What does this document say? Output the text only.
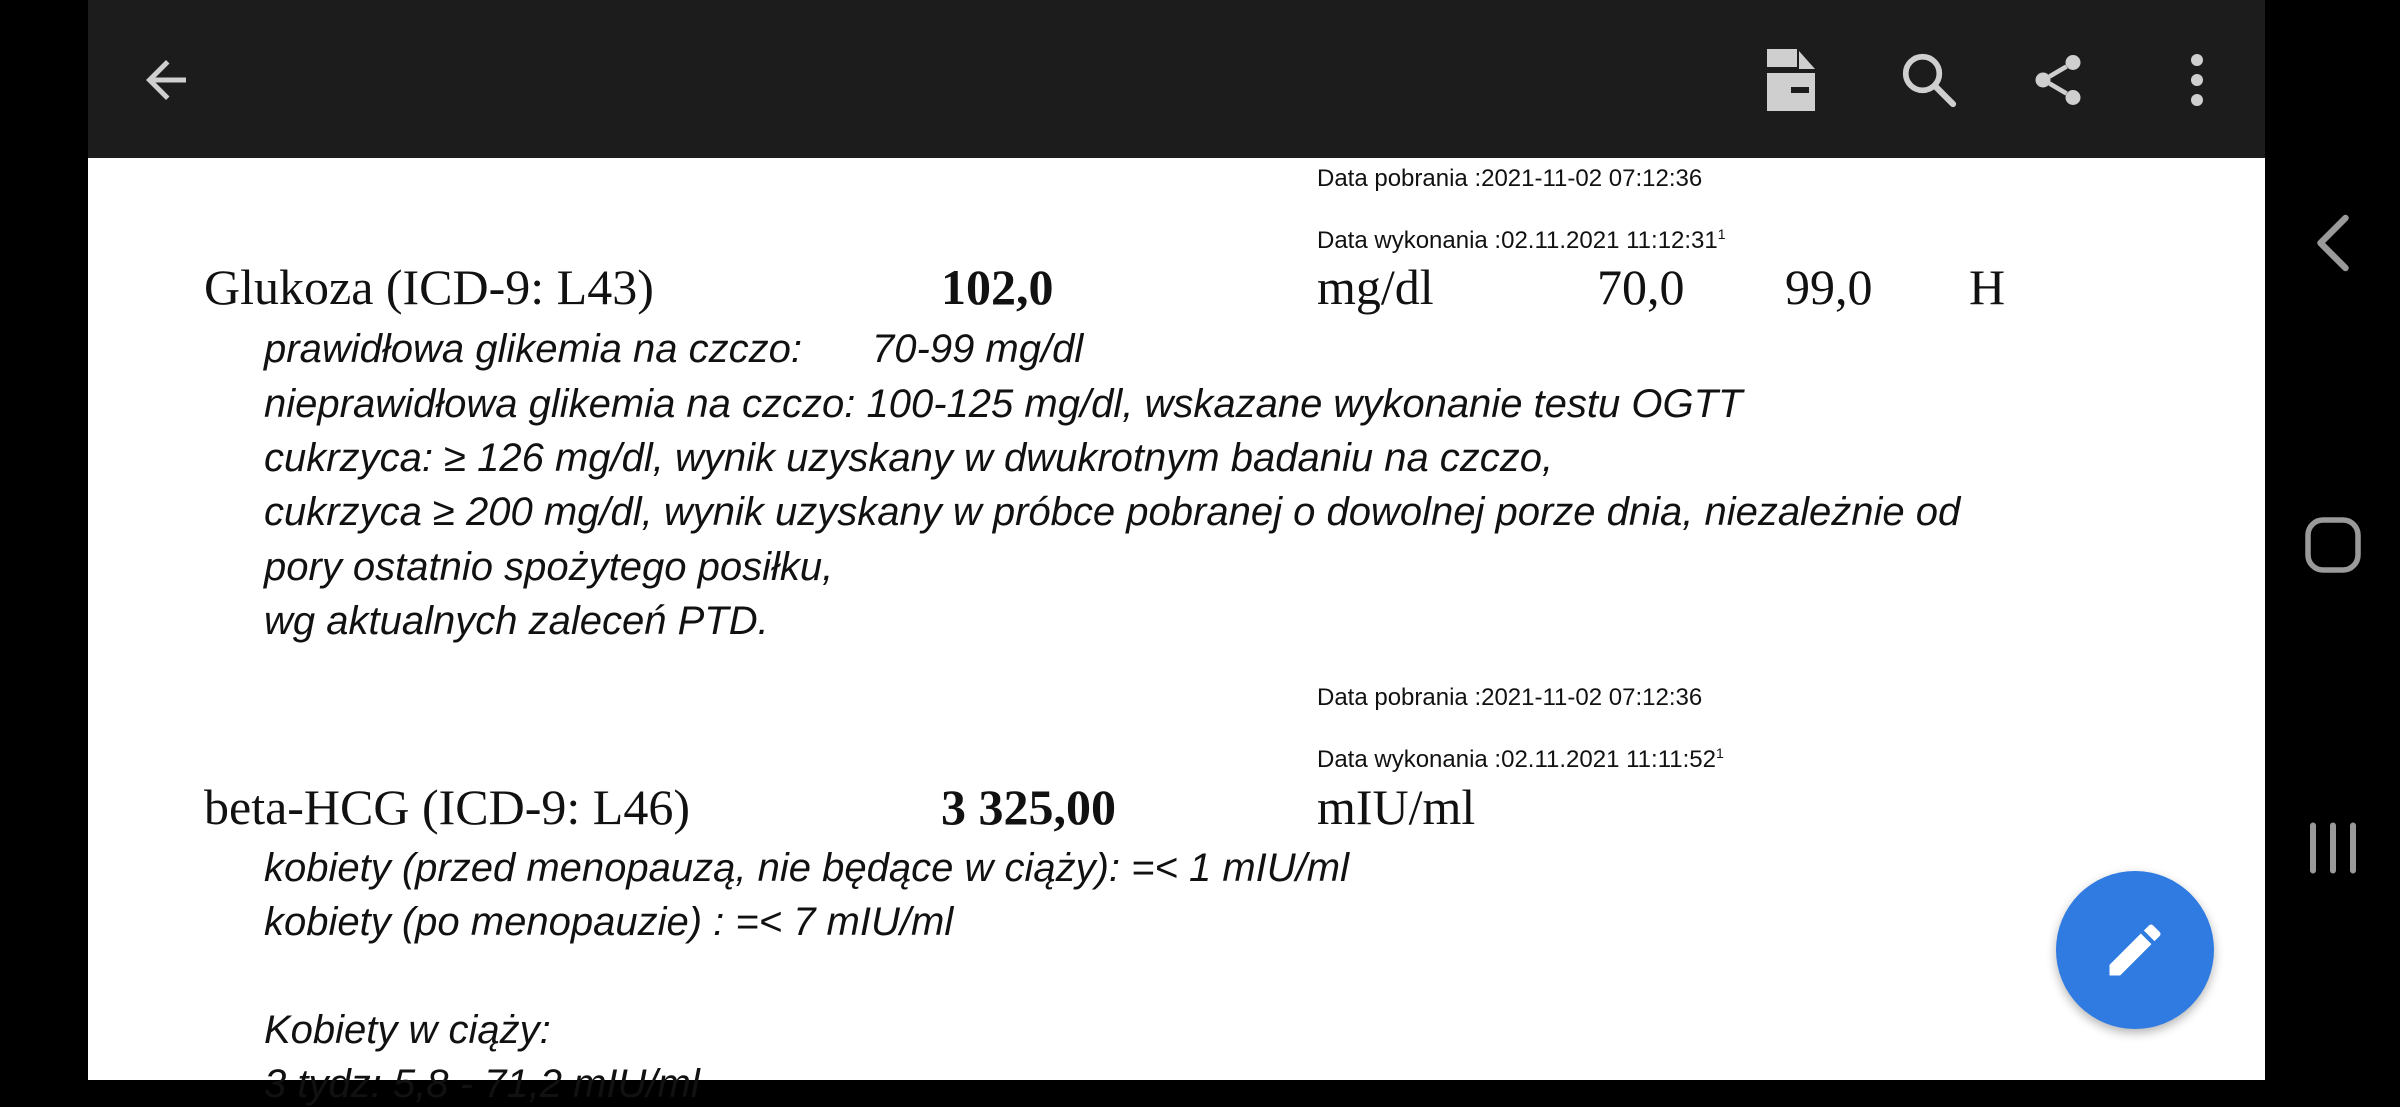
Data pobrania :2021-11-02 07:12:36
Data wykonania :02.11.2021 $11:12:31^1$
Glukoza (ICD-9: L43)	102,0	mg/dl	70,0 99,0 H
prawidłowa glikemia na czczo: 70-99 mg/dl
nieprawidłowa glikemia na czczo: 100-125 mg/dl, wskazane wykonanie testu OGTT
cukrzyca: ≥ 126 mg/dl, wynik uzyskany w dwukrotnym badaniu na czczo,
cukrzyca ≥ 200 mg/dl, wynik uzyskany w próbce pobranej o dowolnej porze dnia, niezależnie od
pory ostatnio spożytego posiłku,
wg aktualnych zaleceń PTD.
Data pobrania :2021-11-02 07:12:36
Data wykonania :02.11.2021 $11:11:52^1$
beta-HCG (ICD-9: L46)	3 325,00	mIU/ml
kobiety (przed menopauzą, nie będące w ciąży): =< 1 mIU/ml
kobiety (po menopauzie) : =< 7 mIU/ml
Kobiety w ciąży:
3 tydz: 5,8 - 71,2 mIU/ml
